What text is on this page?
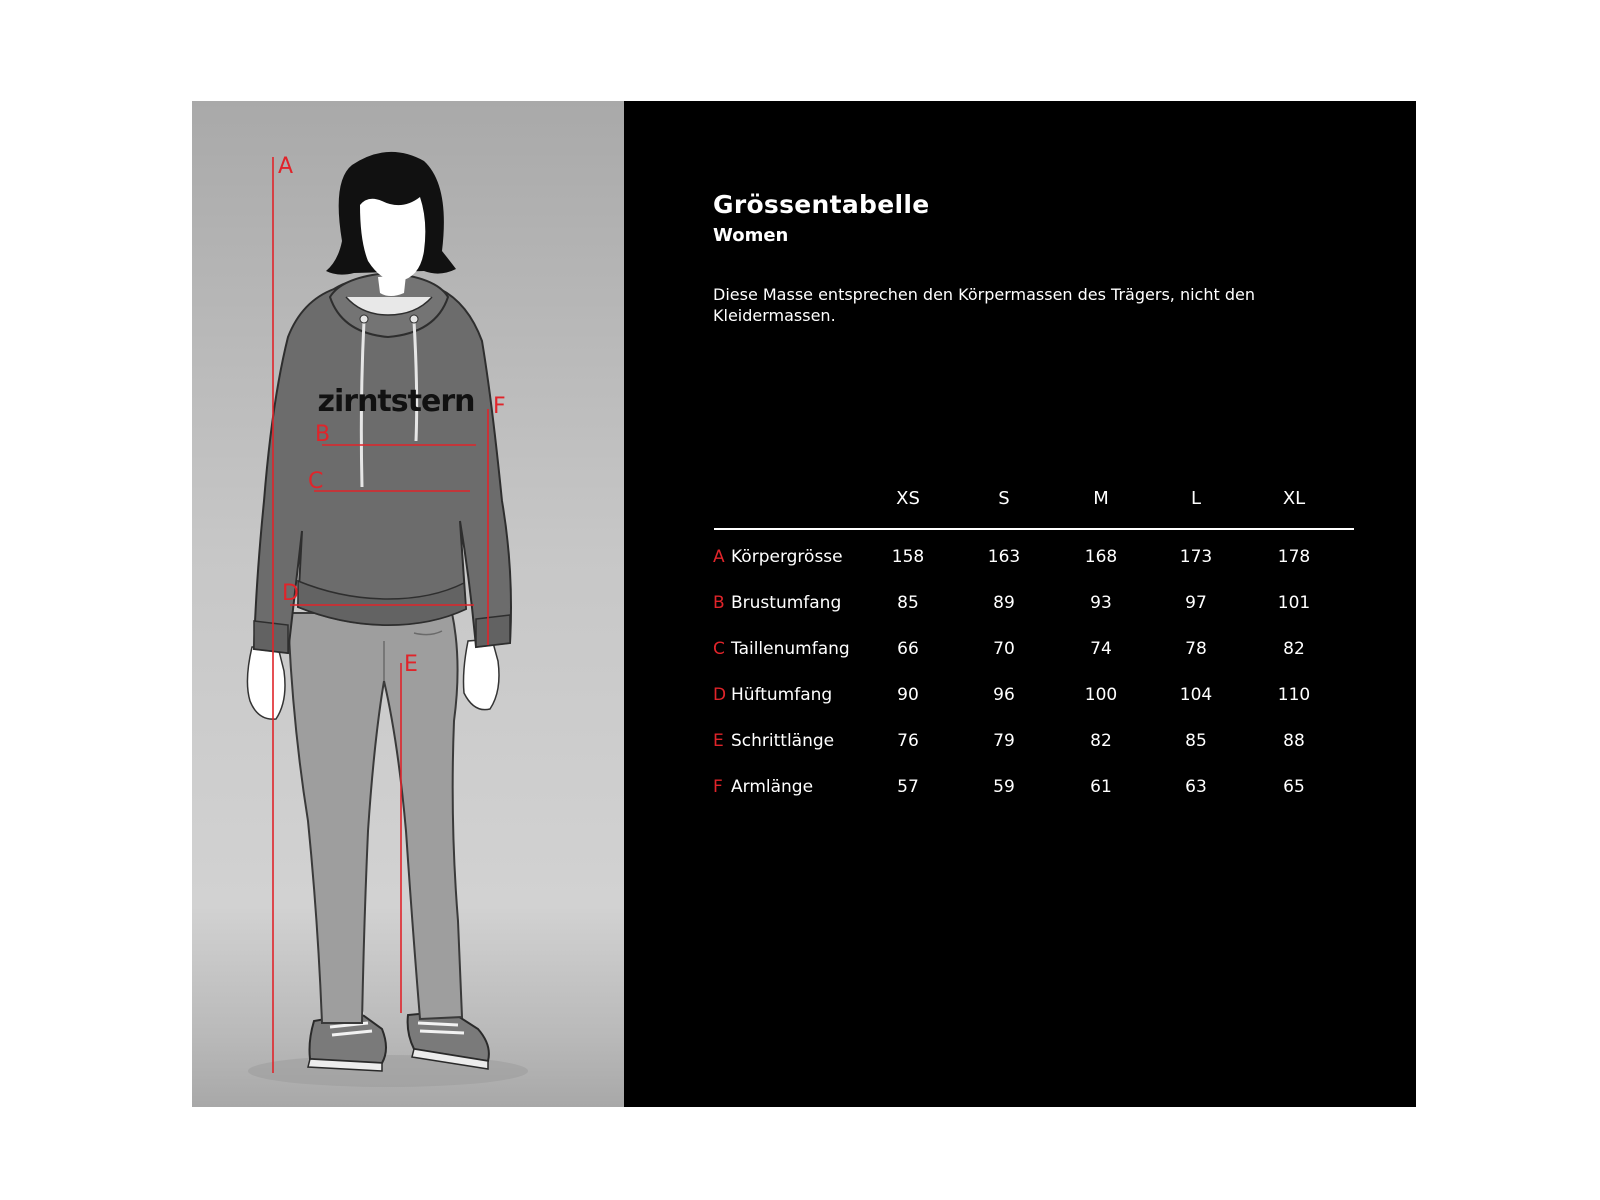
zirntstern
A
B
C
D
E
F
Grössentabelle
Women
Diese Masse entsprechen den Körpermassen des Trägers, nicht den Kleidermassen.
XS	S	M	L	XL
A Körpergrösse	158	163	168	173	178
B Brustumfang	85	89	93	97	101
C Taillenumfang	66	70	74	78	82
D Hüftumfang	90	96	100	104	110
E Schrittlänge	76	79	82	85	88
F Armlänge	57	59	61	63	65
